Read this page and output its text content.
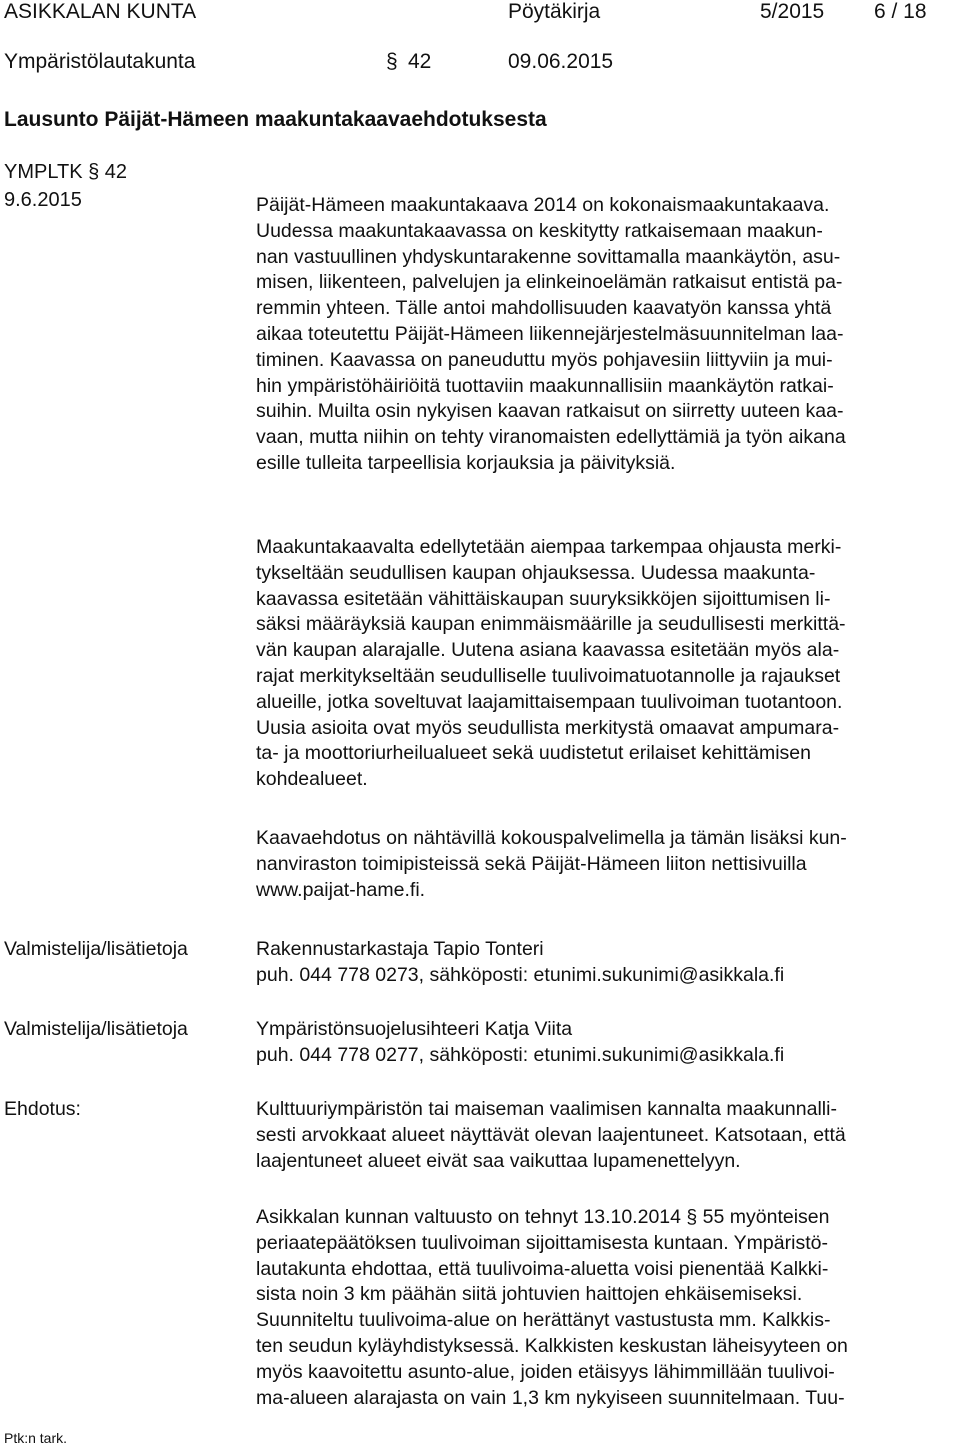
ASIKKALAN KUNTA	Pöytäkirja	5/2015 6 / 18
Ympäristölautakunta	§ 42	09.06.2015
Lausunto Päijät-Hämeen maakuntakaavaehdotuksesta
YMPLTK § 42
9.6.2015	Päijät-Hämeen maakuntakaava 2014 on kokonaismaakuntakaava.
Uudessa maakuntakaavassa on keskitytty ratkaisemaan maakun-
nan vastuullinen yhdyskuntarakenne sovittamalla maankäytön, asu-
misen, liikenteen, palvelujen ja elinkeinoelämän ratkaisut entistä pa-
remmin yhteen. Tälle antoi mahdollisuuden kaavatyön kanssa yhtä
aikaa toteutettu Päijät-Hämeen liikennejärjestelmäsuunnitelman laa-
timinen. Kaavassa on paneuduttu myös pohjavesiin liittyviin ja mui-
hin ympäristöhäiriöitä tuottaviin maakunnallisiin maankäytön ratkai-
suihin. Muilta osin nykyisen kaavan ratkaisut on siirretty uuteen kaa-
vaan, mutta niihin on tehty viranomaisten edellyttämiä ja työn aikana
esille tulleita tarpeellisia korjauksia ja päivityksiä.
Maakuntakaavalta edellytetään aiempaa tarkempaa ohjausta merki-
tykseltään seudullisen kaupan ohjauksessa. Uudessa maakunta-
kaavassa esitetään vähittäiskaupan suuryksikköjen sijoittumisen li-
säksi määräyksiä kaupan enimmäismäärille ja seudullisesti merkittä-
vän kaupan alarajalle. Uutena asiana kaavassa esitetään myös ala-
rajat merkitykseltään seudulliselle tuulivoimatuotannolle ja rajaukset
alueille, jotka soveltuvat laajamittaisempaan tuulivoiman tuotantoon.
Uusia asioita ovat myös seudullista merkitystä omaavat ampumara-
ta- ja moottoriurheilualueet sekä uudistetut erilaiset kehittämisen
kohdealueet.
Kaavaehdotus on nähtävillä kokouspalvelimella ja tämän lisäksi kun-
nanviraston toimipisteissä sekä Päijät-Hämeen liiton nettisivuilla
www.paijat-hame.fi.
Valmistelija/lisätietoja	Rakennustarkastaja Tapio Tonteri
puh. 044 778 0273, sähköposti: etunimi.sukunimi@asikkala.fi
Valmistelija/lisätietoja	Ympäristönsuojelusihteeri Katja Viita
puh. 044 778 0277, sähköposti: etunimi.sukunimi@asikkala.fi
Ehdotus:	Kulttuuriympäristön tai maiseman vaalimisen kannalta maakunnalli-
sesti arvokkaat alueet näyttävät olevan laajentuneet. Katsotaan, että
laajentuneet alueet eivät saa vaikuttaa lupamenettelyyn.
Asikkalan kunnan valtuusto on tehnyt 13.10.2014 § 55 myönteisen
periaatepäätöksen tuulivoiman sijoittamisesta kuntaan. Ympäristö-
lautakunta ehdottaa, että tuulivoima-aluetta voisi pienentää Kalkki-
sista noin 3 km päähän siitä johtuvien haittojen ehkäisemiseksi.
Suunniteltu tuulivoima-alue on herättänyt vastustusta mm. Kalkkis-
ten seudun kyläyhdistyksessä. Kalkkisten keskustan läheisyyteen on
myös kaavoitettu asunto-alue, joiden etäisyys lähimmillään tuulivoi-
ma-alueen alarajasta on vain 1,3 km nykyiseen suunnitelmaan. Tuu-
Ptk:n tark.
